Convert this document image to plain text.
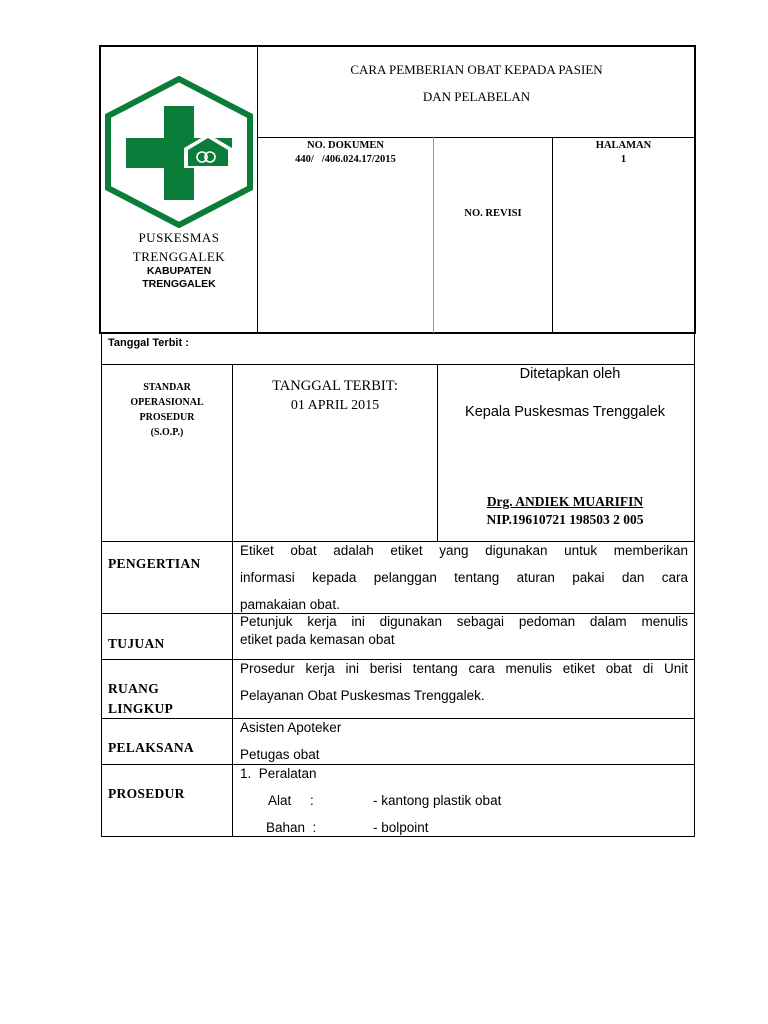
PUSKESMAS
TRENGGALEK
KABUPATEN
TRENGGALEK
CARA PEMBERIAN OBAT KEPADA PASIEN
DAN PELABELAN
NO. DOKUMEN
440/   /406.024.17/2015
NO. REVISI
HALAMAN
1
Tanggal Terbit :
STANDAR
OPERASIONAL
PROSEDUR
(S.O.P.)
TANGGAL TERBIT:
01 APRIL 2015
Ditetapkan oleh
Kepala Puskesmas Trenggalek
Drg. ANDIEK MUARIFIN
NIP.19610721 198503 2 005
PENGERTIAN
Etiket obat adalah etiket yang digunakan untuk memberikan
informasi kepada pelanggan tentang aturan pakai dan cara
pamakaian obat.
TUJUAN
Petunjuk kerja ini digunakan sebagai pedoman dalam menulis
etiket pada kemasan obat
RUANG
LINGKUP
Prosedur kerja ini berisi tentang cara menulis etiket obat di Unit
Pelayanan Obat Puskesmas Trenggalek.
PELAKSANA
Asisten Apoteker
Petugas obat
PROSEDUR
1.  Peralatan
Alat     :	- kantong plastik obat
Bahan  :	- bolpoint
